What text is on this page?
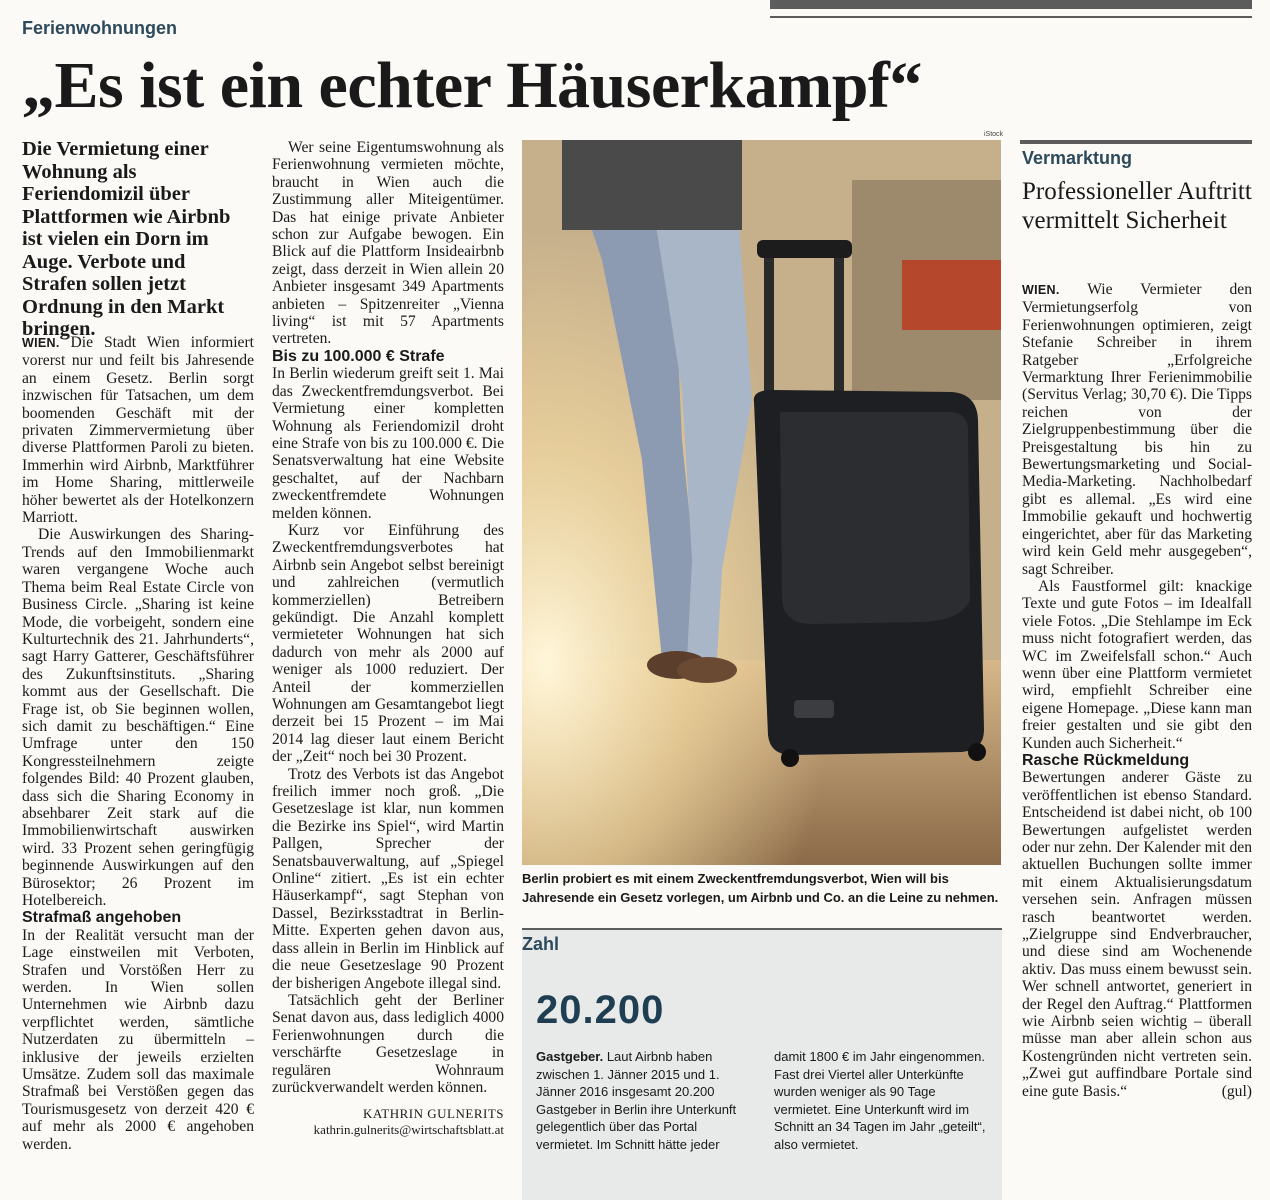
Ferienwohnungen
„Es ist ein echter Häuserkampf“
Die Vermietung einer Wohnung als Feriendomizil über Plattformen wie Airbnb ist vielen ein Dorn im Auge. Verbote und Strafen sollen jetzt Ordnung in den Markt bringen.

WIEN. Die Stadt Wien informiert vorerst nur und feilt bis Jahresende an einem Gesetz. Berlin sorgt inzwischen für Tatsachen, um dem boomenden Geschäft mit der privaten Zimmervermietung über diverse Plattformen Paroli zu bieten. Immerhin wird Airbnb, Marktführer im Home Sharing, mittlerweile höher bewertet als der Hotelkonzern Marriott.

Die Auswirkungen des Sharing-Trends auf den Immobilienmarkt waren vergangene Woche auch Thema beim Real Estate Circle von Business Circle. „Sharing ist keine Mode, die vorbeigeht, sondern eine Kulturtechnik des 21. Jahrhunderts“, sagt Harry Gatterer, Geschäftsführer des Zukunftsinstituts. „Sharing kommt aus der Gesellschaft. Die Frage ist, ob Sie beginnen wollen, sich damit zu beschäftigen.“ Eine Umfrage unter den 150 Kongressteilnehmern zeigte folgendes Bild: 40 Prozent glauben, dass sich die Sharing Economy in absehbarer Zeit stark auf die Immobilienwirtschaft auswirken wird. 33 Prozent sehen geringfügig beginnende Auswirkungen auf den Bürosektor; 26 Prozent im Hotelbereich.

Strafmaß angehoben

In der Realität versucht man der Lage einstweilen mit Verboten, Strafen und Vorstößen Herr zu werden. In Wien sollen Unternehmen wie Airbnb dazu verpflichtet werden, sämtliche Nutzerdaten zu übermitteln – inklusive der jeweils erzielten Umsätze. Zudem soll das maximale Strafmaß bei Verstößen gegen das Tourismusgesetz von derzeit 420 € auf mehr als 2000 € angehoben werden.

Wer seine Eigentumswohnung als Ferienwohnung vermieten möchte, braucht in Wien auch die Zustimmung aller Miteigentümer. Das hat einige private Anbieter schon zur Aufgabe bewogen. Ein Blick auf die Plattform Insideairbnb zeigt, dass derzeit in Wien allein 20 Anbieter insgesamt 349 Apartments anbieten – Spitzenreiter „Vienna living“ ist mit 57 Apartments vertreten.

Bis zu 100.000 € Strafe

In Berlin wiederum greift seit 1. Mai das Zweckentfremdungsverbot. Bei Vermietung einer kompletten Wohnung als Feriendomizil droht eine Strafe von bis zu 100.000 €. Die Senatsverwaltung hat eine Website geschaltet, auf der Nachbarn zweckentfremdete Wohnungen melden können.

Kurz vor Einführung des Zweckentfremdungsverbotes hat Airbnb sein Angebot selbst bereinigt und zahlreichen (vermutlich kommerziellen) Betreibern gekündigt. Die Anzahl komplett vermieteter Wohnungen hat sich dadurch von mehr als 2000 auf weniger als 1000 reduziert. Der Anteil der kommerziellen Wohnungen am Gesamtangebot liegt derzeit bei 15 Prozent – im Mai 2014 lag dieser laut einem Bericht der „Zeit“ noch bei 30 Prozent.

Trotz des Verbots ist das Angebot freilich immer noch groß. „Die Gesetzeslage ist klar, nun kommen die Bezirke ins Spiel“, wird Martin Pallgen, Sprecher der Senatsbauverwaltung, auf „Spiegel Online“ zitiert. „Es ist ein echter Häuserkampf“, sagt Stephan von Dassel, Bezirksstadtrat in Berlin-Mitte. Experten gehen davon aus, dass allein in Berlin im Hinblick auf die neue Gesetzeslage 90 Prozent der bisherigen Angebote illegal sind.

Tatsächlich geht der Berliner Senat davon aus, dass lediglich 4000 Ferienwohnungen durch die verschärfte Gesetzeslage in regulären Wohnraum zurückverwandelt werden können.

KATHRIN GULNERITS
kathrin.gulnerits@wirtschaftsblatt.at
iStock
Berlin probiert es mit einem Zweckentfremdungsverbot, Wien will bis Jahresende ein Gesetz vorlegen, um Airbnb und Co. an die Leine zu nehmen.
Zahl
20.200
Gastgeber. Laut Airbnb haben zwischen 1. Jänner 2015 und 1. Jänner 2016 insgesamt 20.200 Gastgeber in Berlin ihre Unterkunft gelegentlich über das Portal vermietet. Im Schnitt hätte jeder
damit 1800 € im Jahr eingenommen. Fast drei Viertel aller Unterkünfte wurden weniger als 90 Tage vermietet. Eine Unterkunft wird im Schnitt an 34 Tagen im Jahr „geteilt“, also vermietet.
Vermarktung
Professioneller Auftritt vermittelt Sicherheit

WIEN. Wie Vermieter den Vermietungserfolg von Ferienwohnungen optimieren, zeigt Stefanie Schreiber in ihrem Ratgeber „Erfolgreiche Vermarktung Ihrer Ferienimmobilie (Servitus Verlag; 30,70 €). Die Tipps reichen von der Zielgruppenbestimmung über die Preisgestaltung bis hin zu Bewertungsmarketing und Social-Media-Marketing. Nachholbedarf gibt es allemal. „Es wird eine Immobilie gekauft und hochwertig eingerichtet, aber für das Marketing wird kein Geld mehr ausgegeben“, sagt Schreiber.

Als Faustformel gilt: knackige Texte und gute Fotos – im Idealfall viele Fotos. „Die Stehlampe im Eck muss nicht fotografiert werden, das WC im Zweifelsfall schon.“ Auch wenn über eine Plattform vermietet wird, empfiehlt Schreiber eine eigene Homepage. „Diese kann man freier gestalten und sie gibt den Kunden auch Sicherheit.“

Rasche Rückmeldung

Bewertungen anderer Gäste zu veröffentlichen ist ebenso Standard. Entscheidend ist dabei nicht, ob 100 Bewertungen aufgelistet werden oder nur zehn. Der Kalender mit den aktuellen Buchungen sollte immer mit einem Aktualisierungsdatum versehen sein. Anfragen müssen rasch beantwortet werden. „Zielgruppe sind Endverbraucher, und diese sind am Wochenende aktiv. Das muss einem bewusst sein. Wer schnell antwortet, generiert in der Regel den Auftrag.“ Plattformen wie Airbnb seien wichtig – überall müsse man aber allein schon aus Kostengründen nicht vertreten sein. „Zwei gut auffindbare Portale sind eine gute Basis.“	(gul)
